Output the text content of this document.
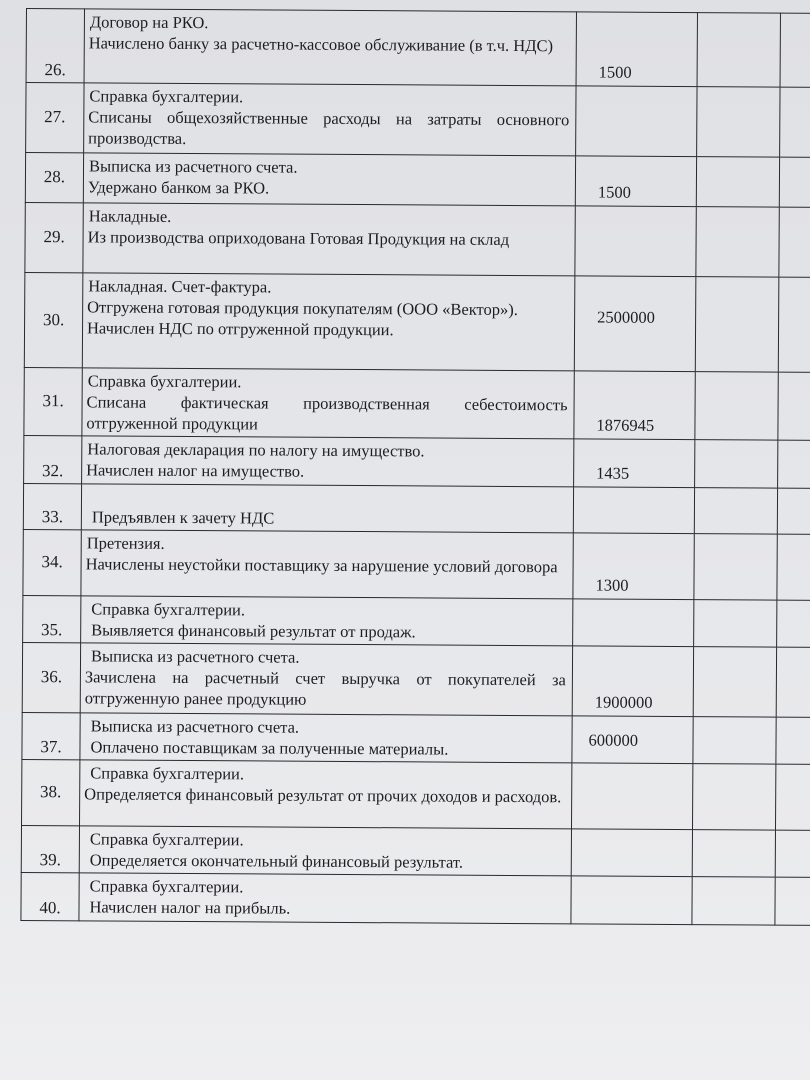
26.	Договор на РКО.
Начислено банку за расчетно-кассовое обслуживание (в т.ч. НДС)	1500		
27.	Справка бухгалтерии.
Списаны общехозяйственные расходы на затраты основного производства.			

28.	Выписка из расчетного счета.
Удержано банком за РКО.	1500		
29.	Накладные.
Из производства оприходована Готовая Продукция на склад			

30.	Накладная. Счет-фактура.
Отгружена готовая продукция покупателям (ООО «Вектор»).
Начислен НДС по отгруженной продукции.	2500000		
31.	Справка бухгалтерии.
Списана фактическая производственная себестоимость отгруженной продукции	1876945		
32.	Налоговая декларация по налогу на имущество.
Начислен налог на имущество.	1435		
33.	Предъявлен к зачету НДС			

34.	Претензия.
Начислены неустойки поставщику за нарушение условий договора	1300		
35.	Справка бухгалтерии.
Выявляется финансовый результат от продаж.			

36.	Выписка из расчетного счета.
Зачислена на расчетный счет выручка от покупателей за отгруженную ранее продукцию	1900000		
37.	Выписка из расчетного счета.
Оплачено поставщикам за полученные материалы.	600000		
38.	Справка бухгалтерии.
Определяется финансовый результат от прочих доходов и расходов.			

39.	Справка бухгалтерии.
Определяется окончательный финансовый результат.			

40.	Справка бухгалтерии.
Начислен налог на прибыль.			
